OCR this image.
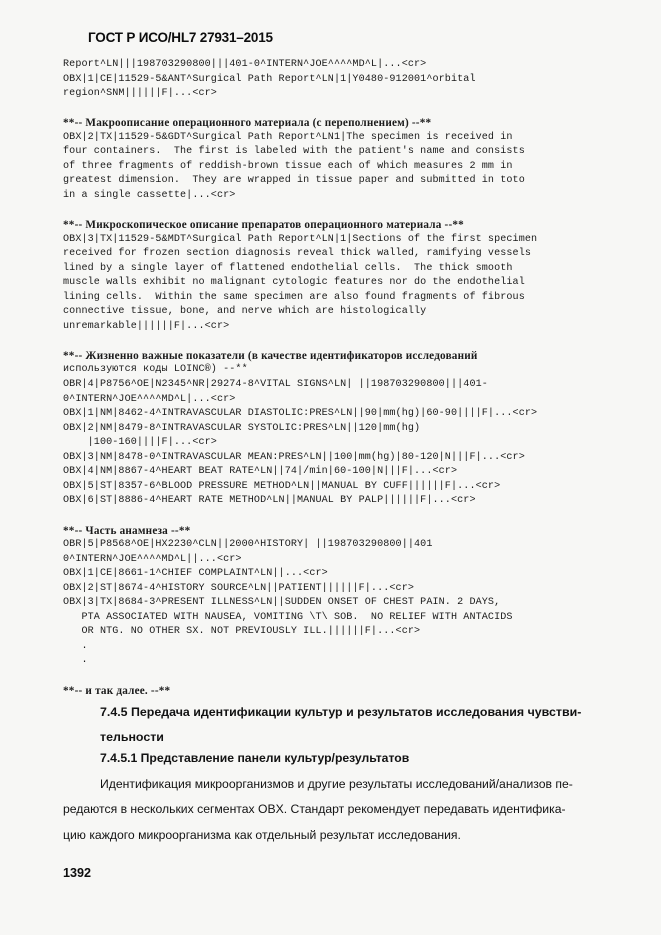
ГОСТ Р ИСО/HL7 27931–2015
Report^LN|||198703290800|||401-0^INTERN^JOE^^^^MD^L|...<cr>
OBX|1|CE|11529-5&ANT^Surgical Path Report^LN|1|Y0480-912001^orbital
region^SNM||||||F|...<cr>
**-- Макроописание операционного материала (с переполнением) --**
OBX|2|TX|11529-5&GDT^Surgical Path Report^LN1|The specimen is received in
four containers.  The first is labeled with the patient's name and consists
of three fragments of reddish-brown tissue each of which measures 2 mm in
greatest dimension.  They are wrapped in tissue paper and submitted in toto
in a single cassette|...<cr>
**-- Микроскопическое описание препаратов операционного материала --**
OBX|3|TX|11529-5&MDT^Surgical Path Report^LN|1|Sections of the first specimen
received for frozen section diagnosis reveal thick walled, ramifying vessels
lined by a single layer of flattened endothelial cells.  The thick smooth
muscle walls exhibit no malignant cytologic features nor do the endothelial
lining cells.  Within the same specimen are also found fragments of fibrous
connective tissue, bone, and nerve which are histologically
unremarkable||||||F|...<cr>
**-- Жизненно важные показатели (в качестве идентификаторов исследований
используются коды LOINC®) --**
OBR|4|P8756^OE|N2345^NR|29274-8^VITAL SIGNS^LN| ||198703290800|||401-
0^INTERN^JOE^^^^MD^L|...<cr>
OBX|1|NM|8462-4^INTRAVASCULAR DIASTOLIC:PRES^LN||90|mm(hg)|60-90||||F|...<cr>
OBX|2|NM|8479-8^INTRAVASCULAR SYSTOLIC:PRES^LN||120|mm(hg)
|100-160||||F|...<cr>
OBX|3|NM|8478-0^INTRAVASCULAR MEAN:PRES^LN||100|mm(hg)|80-120|N|||F|...<cr>
OBX|4|NM|8867-4^HEART BEAT RATE^LN||74|/min|60-100|N|||F|...<cr>
OBX|5|ST|8357-6^BLOOD PRESSURE METHOD^LN||MANUAL BY CUFF||||||F|...<cr>
OBX|6|ST|8886-4^HEART RATE METHOD^LN||MANUAL BY PALP||||||F|...<cr>
**-- Часть анамнеза --**
OBR|5|P8568^OE|HX2230^CLN||2000^HISTORY| ||198703290800||401
0^INTERN^JOE^^^^MD^L||...<cr>
OBX|1|CE|8661-1^CHIEF COMPLAINT^LN||...<cr>
OBX|2|ST|8674-4^HISTORY SOURCE^LN||PATIENT||||||F|...<cr>
OBX|3|TX|8684-3^PRESENT ILLNESS^LN||SUDDEN ONSET OF CHEST PAIN. 2 DAYS,
PTA ASSOCIATED WITH NAUSEA, VOMITING \T\ SOB.  NO RELIEF WITH ANTACIDS
OR NTG. NO OTHER SX. NOT PREVIOUSLY ILL.||||||F|...<cr>
.
.
**-- и так далее. --**
7.4.5 Передача идентификации культур и результатов исследования чувстви-
тельности
7.4.5.1 Представление панели культур/результатов
Идентификация микроорганизмов и другие результаты исследований/анализов пе-
редаются в нескольких сегментах OBX. Стандарт рекомендует передавать идентифика-
цию каждого микроорганизма как отдельный результат исследования.
1392
